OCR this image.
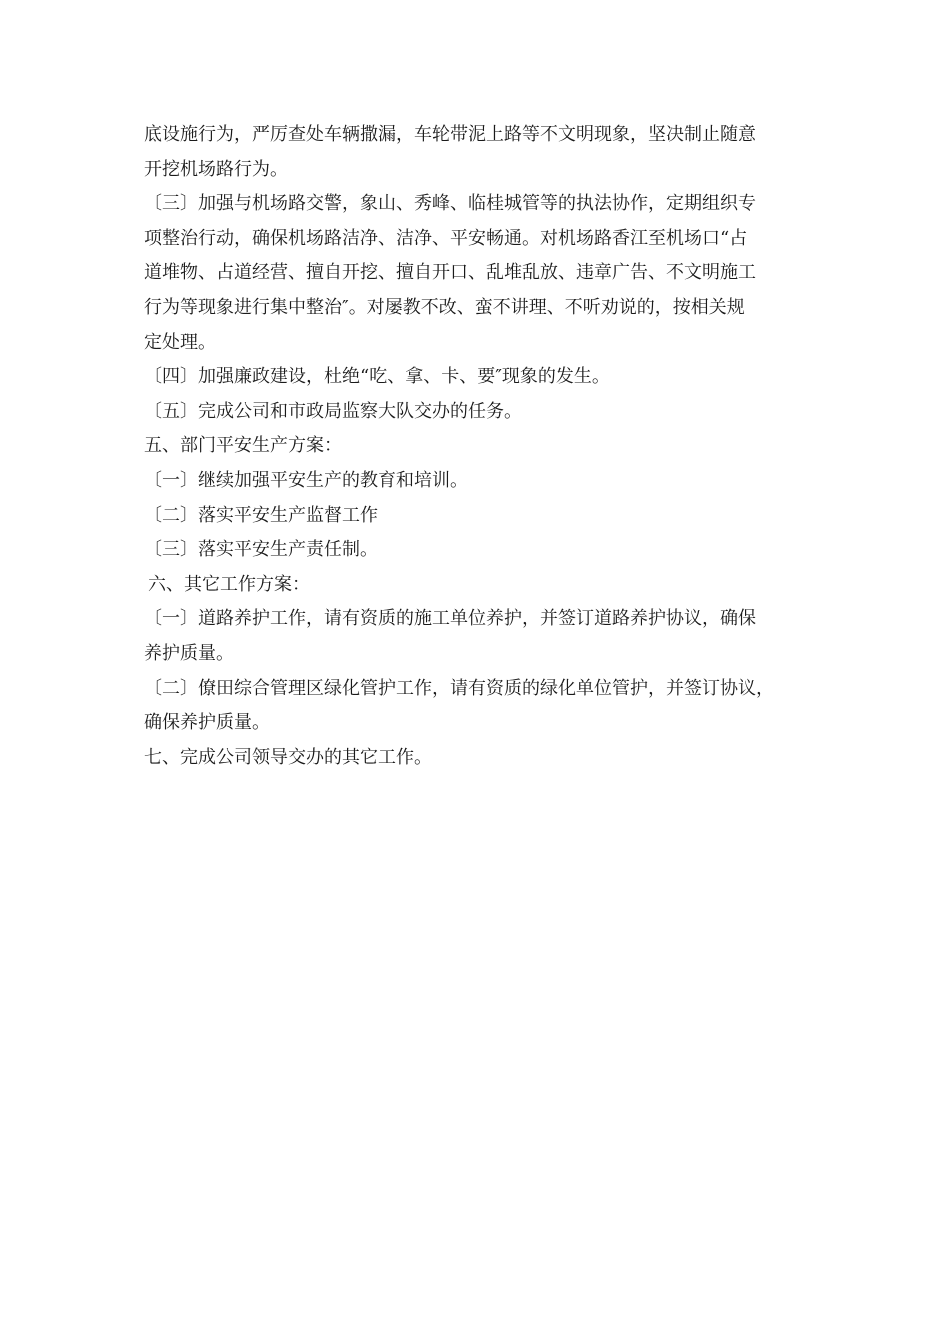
底设施行为，严厉查处车辆撒漏，车轮带泥上路等不文明现象，坚决制止随意

开挖机场路行为。

〔三〕加强与机场路交警，象山、秀峰、临桂城管等的执法协作，定期组织专

项整治行动，确保机场路洁净、洁净、平安畅通。对机场路香江至机场口“占

道堆物、占道经营、擅自开挖、擅自开口、乱堆乱放、违章广告、不文明施工

行为等现象进行集中整治″。对屡教不改、蛮不讲理、不听劝说的，按相关规

定处理。

〔四〕加强廉政建设，杜绝“吃、拿、卡、要″现象的发生。

〔五〕完成公司和市政局监察大队交办的任务。

五、部门平安生产方案：

〔一〕继续加强平安生产的教育和培训。

〔二〕落实平安生产监督工作

〔三〕落实平安生产责任制。

六、其它工作方案：

〔一〕道路养护工作，请有资质的施工单位养护，并签订道路养护协议，确保

养护质量。

〔二〕僚田综合管理区绿化管护工作，请有资质的绿化单位管护，并签订协议，

确保养护质量。

七、完成公司领导交办的其它工作。
